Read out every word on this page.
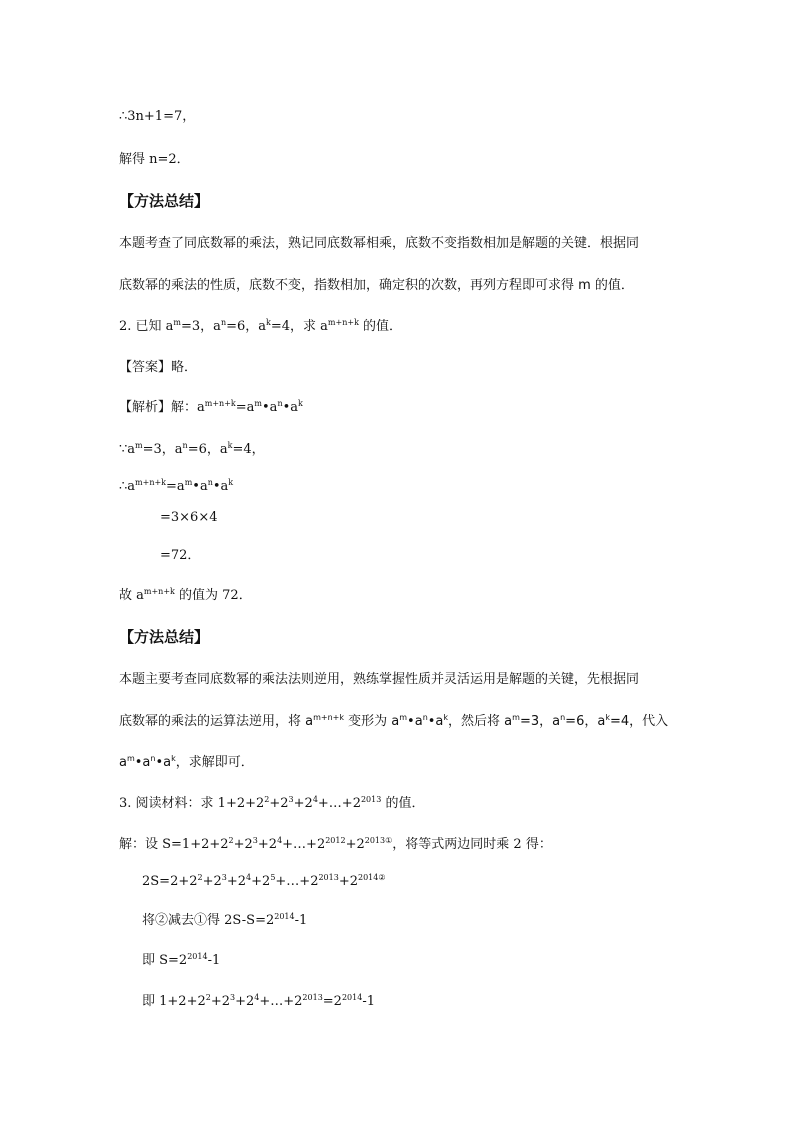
∴3n+1=7，
解得 n=2．
【方法总结】
本题考查了同底数幂的乘法，熟记同底数幂相乘，底数不变指数相加是解题的关键．根据同
底数幂的乘法的性质，底数不变，指数相加，确定积的次数，再列方程即可求得 m 的值．
2. 已知 $a^m=3$，$a^n=6$，$a^k=4$，求 $a^{m+n+k}$ 的值．
【答案】略．
【解析】解：$a^{m+n+k}=a^m•a^n•a^k$
$\because a^m=3$，$a^n=6$，$a^k=4$，
$\therefore a^{m+n+k}=a^m•a^n•a^k$
=3×6×4
=72．
故 $a^{m+n+k}$ 的值为 72．
【方法总结】
本题主要考查同底数幂的乘法法则逆用，熟练掌握性质并灵活运用是解题的关键，先根据同
底数幂的乘法的运算法逆用，将 $a^{m+n+k}$ 变形为 $a^m•a^n•a^k$，然后将 $a^m=3$，$a^n=6$，$a^k=4$，代入
$a^m•a^n•a^k$，求解即可．
3. 阅读材料：求 $1+2+2^2+2^3+2^4+\dots+2^{2013}$ 的值．
解：设 $S=1+2+2^2+2^3+2^4+\dots+2^{2012}+2^{2013①}$，将等式两边同时乘 2 得：
$2S=2+2^2+2^3+2^4+2^5+\dots+2^{2013}+2^{2014②}$
将②减去①得 $2S-S=2^{2014}-1$
即 $S=2^{2014}-1$
即 $1+2+2^2+2^3+2^4+\dots+2^{2013}=2^{2014}-1$
